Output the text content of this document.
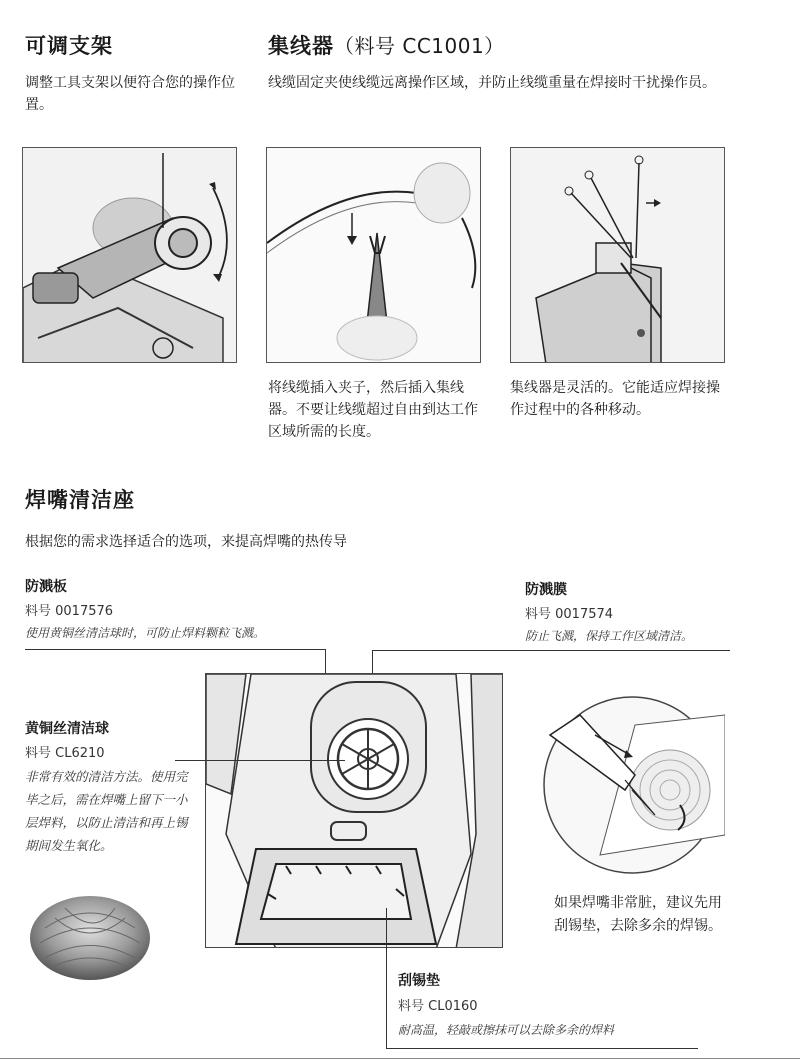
可调支架
调整工具支架以便符合您的操作位置。
集线器（料号 CC1001）
线缆固定夹使线缆远离操作区域，并防止线缆重量在焊接时干扰操作员。
将线缆插入夹子，然后插入集线器。不要让线缆超过自由到达工作区域所需的长度。
集线器是灵活的。它能适应焊接操作过程中的各种移动。
焊嘴清洁座
根据您的需求选择适合的选项，来提高焊嘴的热传导
防溅板
料号 0017576
使用黄铜丝清洁球时，可防止焊料颗粒飞溅。
防溅膜
料号 0017574
防止飞溅，保持工作区域清洁。
黄铜丝清洁球
料号 CL6210
非常有效的清洁方法。使用完毕之后，需在焊嘴上留下一小层焊料，以防止清洁和再上锡期间发生氧化。
如果焊嘴非常脏，建议先用刮锡垫，去除多余的焊锡。
刮锡垫
料号 CL0160
耐高温，轻敲或擦抹可以去除多余的焊料
